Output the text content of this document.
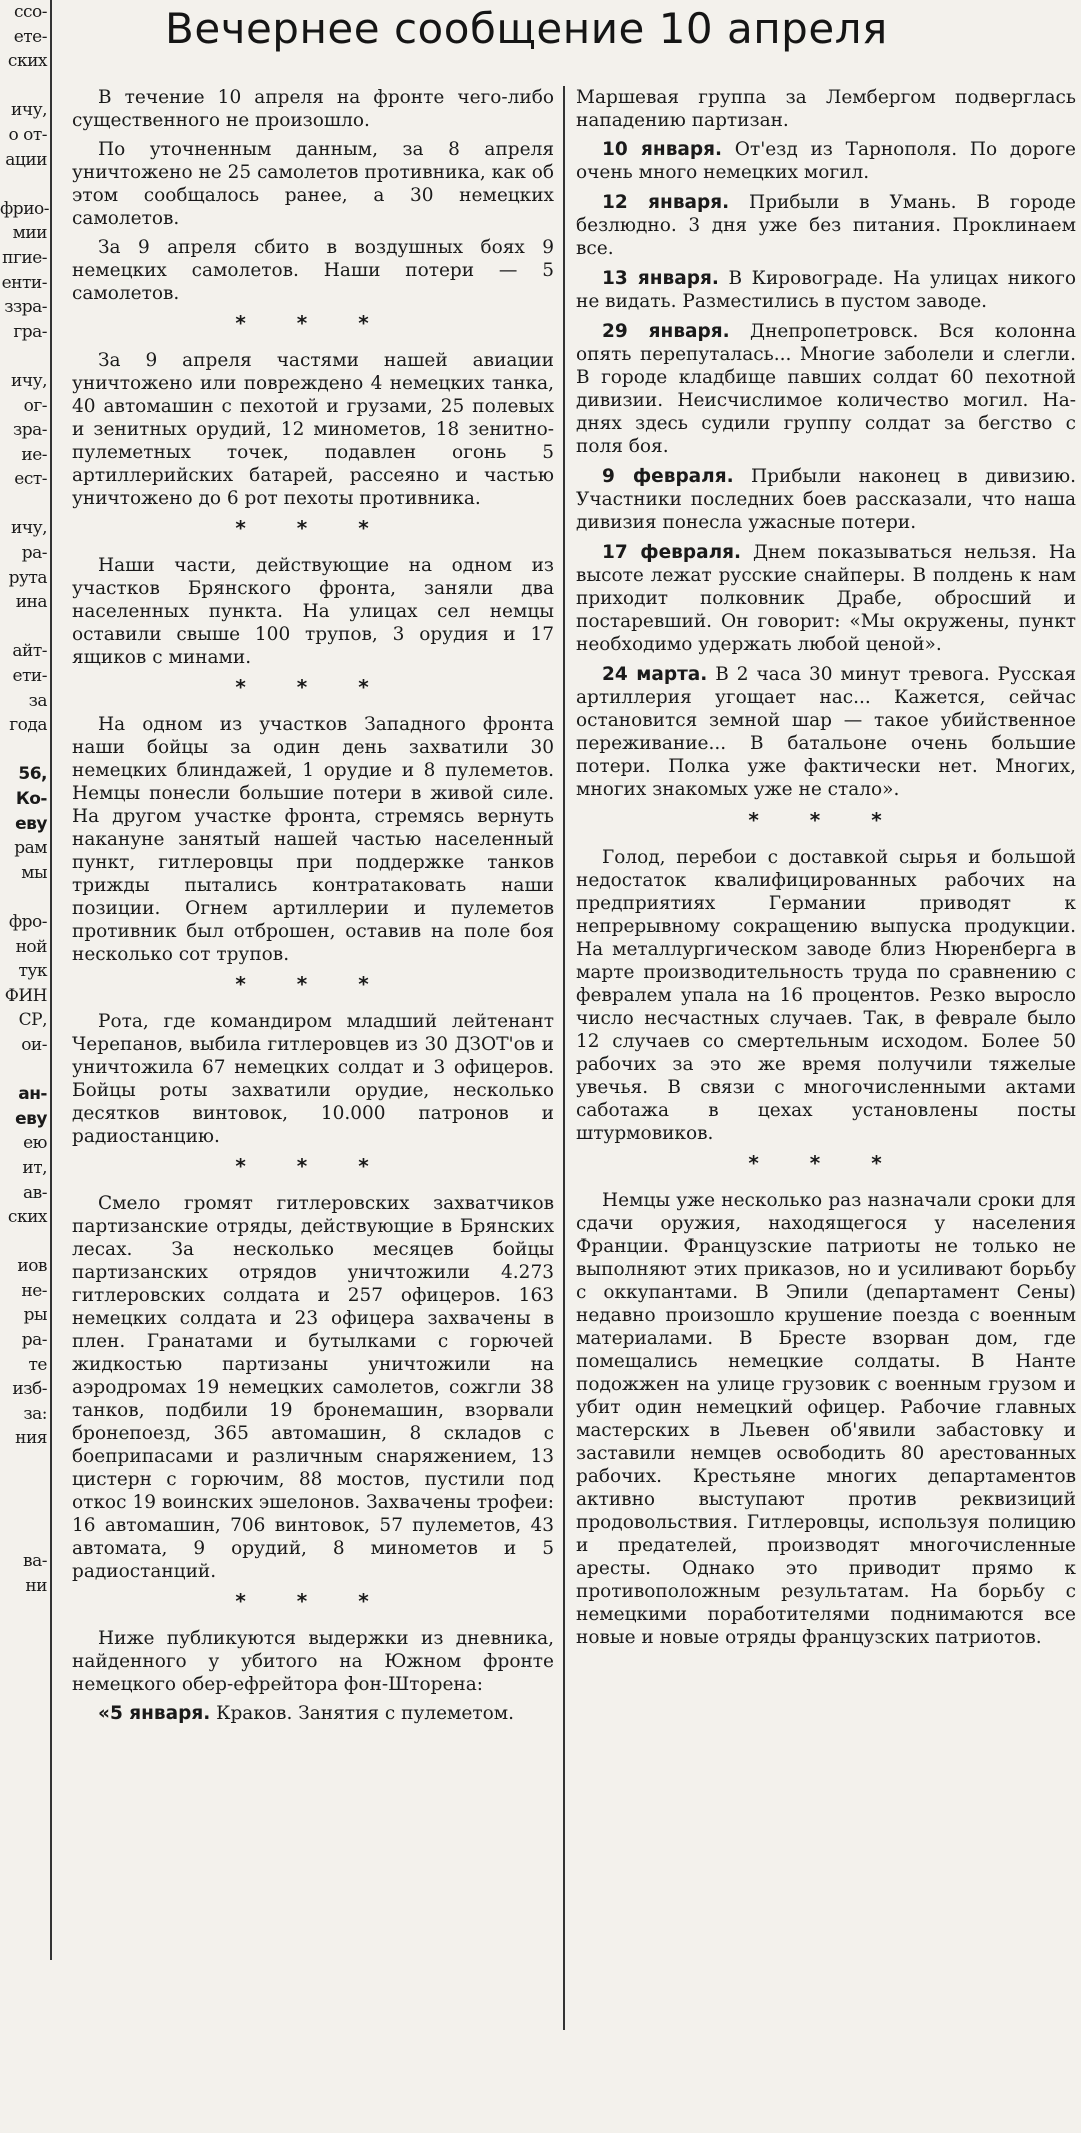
ссо-
ете-
ских

ичу,
о от-
ации

фрио-
мии
пгие-
енти-
ззра-
гра-

ичу,
ог-
зра-
ие-
ест-

ичу,
ра-
рута
ина

айт-
ети-
за
года

56,
Ко-
еву
рам
мы

фро-
ной
тук
ФИН
СР,
ои-

ан-
еву
ею
ит,
ав-
ских

иов
не-
ры
ра-
те
изб-
за:
ния

ва-
ни
Вечернее сообщение 10 апреля

В течение 10 апреля на фронте чего-либо существенного не произошло.

По уточненным данным, за 8 апреля уничтожено не 25 самолетов противника, как об этом сообщалось ранее, а 30 немецких самолетов.

За 9 апреля сбито в воздушных боях 9 немецких самолетов. Наши потери — 5 самолетов.

* * *

За 9 апреля частями нашей авиации уничтожено или повреждено 4 немецких танка, 40 автомашин с пехотой и грузами, 25 полевых и зенитных орудий, 12 минометов, 18 зенитно-пулеметных точек, подавлен огонь 5 артиллерийских батарей, рассеяно и частью уничтожено до 6 рот пехоты противника.

* * *

Наши части, действующие на одном из участков Брянского фронта, заняли два населенных пункта. На улицах сел немцы оставили свыше 100 трупов, 3 орудия и 17 ящиков с минами.

* * *

На одном из участков Западного фронта наши бойцы за один день захватили 30 немецких блиндажей, 1 орудие и 8 пулеметов. Немцы понесли большие потери в живой силе. На другом участке фронта, стремясь вернуть накануне занятый нашей частью населенный пункт, гитлеровцы при поддержке танков трижды пытались контратаковать наши позиции. Огнем артиллерии и пулеметов противник был отброшен, оставив на поле боя несколько сот трупов.

* * *

Рота, где командиром младший лейтенант Черепанов, выбила гитлеровцев из 30 ДЗОТ'ов и уничтожила 67 немецких солдат и 3 офицеров. Бойцы роты захватили орудие, несколько десятков винтовок, 10.000 патронов и радиостанцию.

* * *

Смело громят гитлеровских захватчиков партизанские отряды, действующие в Брянских лесах. За несколько месяцев бойцы партизанских отрядов уничтожили 4.273 гитлеровских солдата и 257 офицеров. 163 немецких солдата и 23 офицера захвачены в плен. Гранатами и бутылками с горючей жидкостью партизаны уничтожили на аэродромах 19 немецких самолетов, сожгли 38 танков, подбили 19 бронемашин, взорвали бронепоезд, 365 автомашин, 8 складов с боеприпасами и различным снаряжением, 13 цистерн с горючим, 88 мостов, пустили под откос 19 воинских эшелонов. Захвачены трофеи: 16 автомашин, 706 винтовок, 57 пулеметов, 43 автомата, 9 орудий, 8 минометов и 5 радиостанций.

* * *

Ниже публикуются выдержки из дневника, найденного у убитого на Южном фронте немецкого обер-ефрейтора фон-Шторена:

«5 января. Краков. Занятия с пулеметом.

Маршевая группа за Лембергом подверглась нападению партизан.

10 января. От'езд из Тарнополя. По дороге очень много немецких могил.

12 января. Прибыли в Умань. В городе безлюдно. 3 дня уже без питания. Проклинаем все.

13 января. В Кировограде. На улицах никого не видать. Разместились в пустом заводе.

29 января. Днепропетровск. Вся колонна опять перепуталась... Многие заболели и слегли. В городе кладбище павших солдат 60 пехотной дивизии. Неисчислимое количество могил. На-днях здесь судили группу солдат за бегство с поля боя.

9 февраля. Прибыли наконец в дивизию. Участники последних боев рассказали, что наша дивизия понесла ужасные потери.

17 февраля. Днем показываться нельзя. На высоте лежат русские снайперы. В полдень к нам приходит полковник Драбе, обросший и постаревший. Он говорит: «Мы окружены, пункт необходимо удержать любой ценой».

24 марта. В 2 часа 30 минут тревога. Русская артиллерия угощает нас... Кажется, сейчас остановится земной шар — такое убийственное переживание... В батальоне очень большие потери. Полка уже фактически нет. Многих, многих знакомых уже не стало».

* * *

Голод, перебои с доставкой сырья и большой недостаток квалифицированных рабочих на предприятиях Германии приводят к непрерывному сокращению выпуска продукции. На металлургическом заводе близ Нюренберга в марте производительность труда по сравнению с февралем упала на 16 процентов. Резко выросло число несчастных случаев. Так, в феврале было 12 случаев со смертельным исходом. Более 50 рабочих за это же время получили тяжелые увечья. В связи с многочисленными актами саботажа в цехах установлены посты штурмовиков.

* * *

Немцы уже несколько раз назначали сроки для сдачи оружия, находящегося у населения Франции. Французские патриоты не только не выполняют этих приказов, но и усиливают борьбу с оккупантами. В Эпили (департамент Сены) недавно произошло крушение поезда с военным материалами. В Бресте взорван дом, где помещались немецкие солдаты. В Нанте подожжен на улице грузовик с военным грузом и убит один немецкий офицер. Рабочие главных мастерских в Льевен об'явили забастовку и заставили немцев освободить 80 арестованных рабочих. Крестьяне многих департаментов активно выступают против реквизиций продовольствия. Гитлеровцы, используя полицию и предателей, производят многочисленные аресты. Однако это приводит прямо к противоположным результатам. На борьбу с немецкими поработителями поднимаются все новые и новые отряды французских патриотов.
